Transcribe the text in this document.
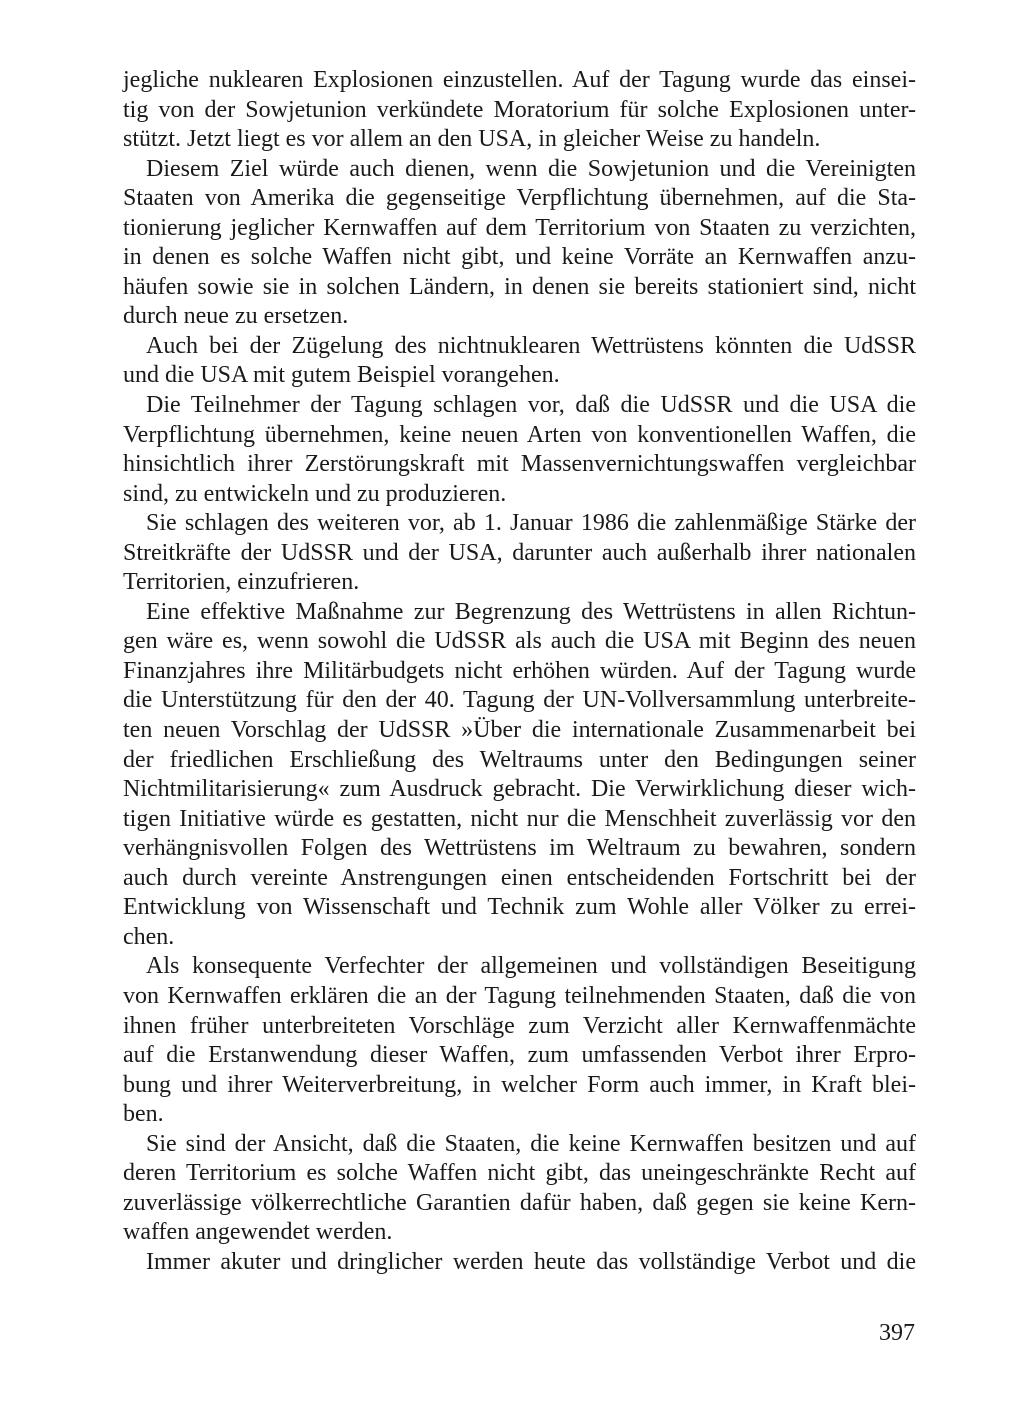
jegliche nuklearen Explosionen einzustellen. Auf der Tagung wurde das einsei-
tig von der Sowjetunion verkündete Moratorium für solche Explosionen unter-
stützt. Jetzt liegt es vor allem an den USA, in gleicher Weise zu handeln.
Diesem Ziel würde auch dienen, wenn die Sowjetunion und die Vereinigten
Staaten von Amerika die gegenseitige Verpflichtung übernehmen, auf die Sta-
tionierung jeglicher Kernwaffen auf dem Territorium von Staaten zu verzichten,
in denen es solche Waffen nicht gibt, und keine Vorräte an Kernwaffen anzu-
häufen sowie sie in solchen Ländern, in denen sie bereits stationiert sind, nicht
durch neue zu ersetzen.
Auch bei der Zügelung des nichtnuklearen Wettrüstens könnten die UdSSR
und die USA mit gutem Beispiel vorangehen.
Die Teilnehmer der Tagung schlagen vor, daß die UdSSR und die USA die
Verpflichtung übernehmen, keine neuen Arten von konventionellen Waffen, die
hinsichtlich ihrer Zerstörungskraft mit Massenvernichtungswaffen vergleichbar
sind, zu entwickeln und zu produzieren.
Sie schlagen des weiteren vor, ab 1. Januar 1986 die zahlenmäßige Stärke der
Streitkräfte der UdSSR und der USA, darunter auch außerhalb ihrer nationalen
Territorien, einzufrieren.
Eine effektive Maßnahme zur Begrenzung des Wettrüstens in allen Richtun-
gen wäre es, wenn sowohl die UdSSR als auch die USA mit Beginn des neuen
Finanzjahres ihre Militärbudgets nicht erhöhen würden. Auf der Tagung wurde
die Unterstützung für den der 40. Tagung der UN-Vollversammlung unterbreite-
ten neuen Vorschlag der UdSSR »Über die internationale Zusammenarbeit bei
der friedlichen Erschließung des Weltraums unter den Bedingungen seiner
Nichtmilitarisierung« zum Ausdruck gebracht. Die Verwirklichung dieser wich-
tigen Initiative würde es gestatten, nicht nur die Menschheit zuverlässig vor den
verhängnisvollen Folgen des Wettrüstens im Weltraum zu bewahren, sondern
auch durch vereinte Anstrengungen einen entscheidenden Fortschritt bei der
Entwicklung von Wissenschaft und Technik zum Wohle aller Völker zu errei-
chen.
Als konsequente Verfechter der allgemeinen und vollständigen Beseitigung
von Kernwaffen erklären die an der Tagung teilnehmenden Staaten, daß die von
ihnen früher unterbreiteten Vorschläge zum Verzicht aller Kernwaffenmächte
auf die Erstanwendung dieser Waffen, zum umfassenden Verbot ihrer Erpro-
bung und ihrer Weiterverbreitung, in welcher Form auch immer, in Kraft blei-
ben.
Sie sind der Ansicht, daß die Staaten, die keine Kernwaffen besitzen und auf
deren Territorium es solche Waffen nicht gibt, das uneingeschränkte Recht auf
zuverlässige völkerrechtliche Garantien dafür haben, daß gegen sie keine Kern-
waffen angewendet werden.
Immer akuter und dringlicher werden heute das vollständige Verbot und die
397
